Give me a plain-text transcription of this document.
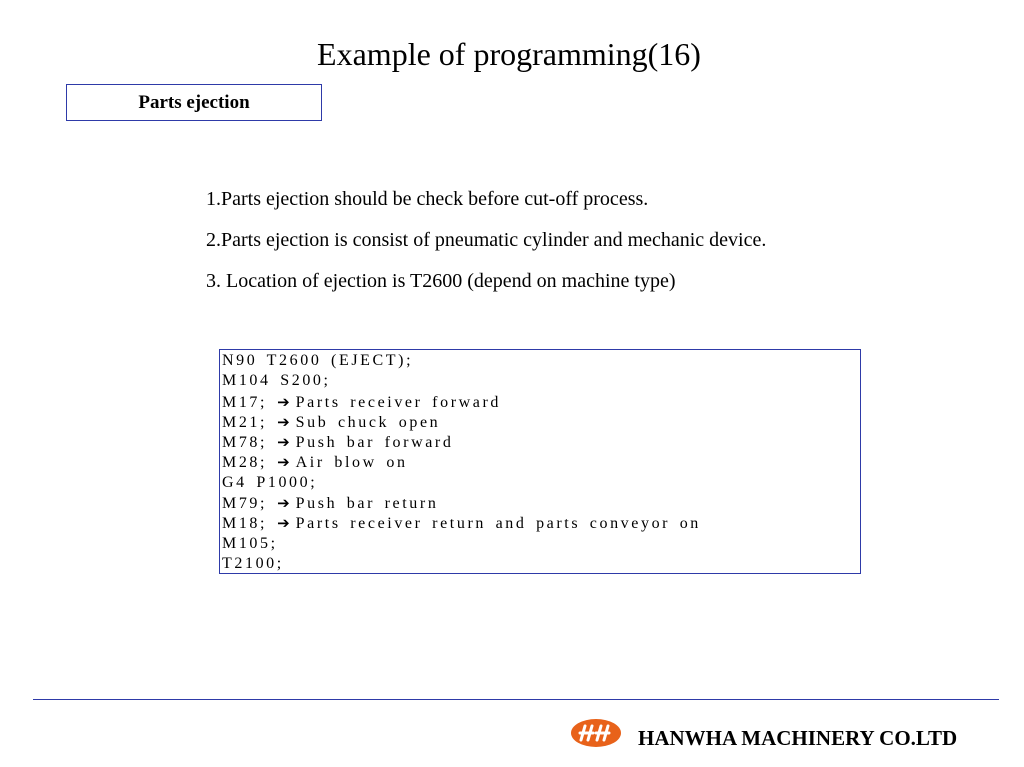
Example of programming(16)
Parts ejection
1.Parts ejection should be check before cut-off process.
2.Parts ejection is consist of pneumatic cylinder and mechanic device.
3. Location of ejection is T2600 (depend on machine type)
N90 T2600 (EJECT);
M104 S200;
M17; ➔ Parts receiver forward
M21; ➔ Sub chuck open
M78; ➔ Push bar forward
M28; ➔ Air blow on
G4 P1000;
M79; ➔ Push bar return
M18; ➔ Parts receiver return and parts conveyor on
M105;
T2100;
HANWHA MACHINERY CO.LTD
